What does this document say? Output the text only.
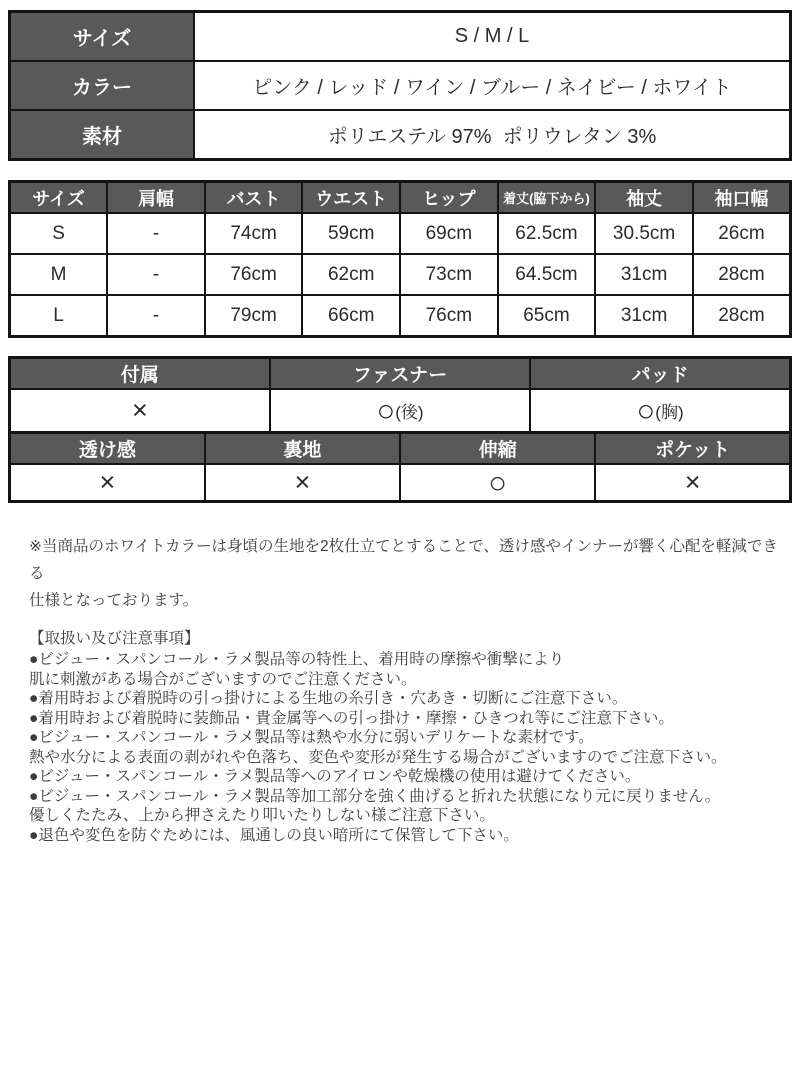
サイズ	S / M / L
カラー	ピンク / レッド / ワイン / ブルー / ネイビー / ホワイト
素材	ポリエステル 97%  ポリウレタン 3%
サイズ	肩幅	バスト	ウエスト	ヒップ	着丈(脇下から)	袖丈	袖口幅
S	-	74cm	59cm	69cm	62.5cm	30.5cm	26cm
M	-	76cm	62cm	73cm	64.5cm	31cm	28cm
L	-	79cm	66cm	76cm	65cm	31cm	28cm
付属	ファスナー	パッド
×	○(後)	○(胸)
透け感	裏地	伸縮	ポケット
×	×	○	×
※当商品のホワイトカラーは身頃の生地を2枚仕立てとすることで、透け感やインナーが響く心配を軽減できる
仕様となっております。
【取扱い及び注意事項】
●ビジュー・スパンコール・ラメ製品等の特性上、着用時の摩擦や衝撃により
肌に刺激がある場合がございますのでご注意ください。
●着用時および着脱時の引っ掛けによる生地の糸引き・穴あき・切断にご注意下さい。
●着用時および着脱時に装飾品・貴金属等への引っ掛け・摩擦・ひきつれ等にご注意下さい。
●ビジュー・スパンコール・ラメ製品等は熱や水分に弱いデリケートな素材です。
熱や水分による表面の剥がれや色落ち、変色や変形が発生する場合がございますのでご注意下さい。
●ビジュー・スパンコール・ラメ製品等へのアイロンや乾燥機の使用は避けてください。
●ビジュー・スパンコール・ラメ製品等加工部分を強く曲げると折れた状態になり元に戻りません。
優しくたたみ、上から押さえたり叩いたりしない様ご注意下さい。
●退色や変色を防ぐためには、風通しの良い暗所にて保管して下さい。
